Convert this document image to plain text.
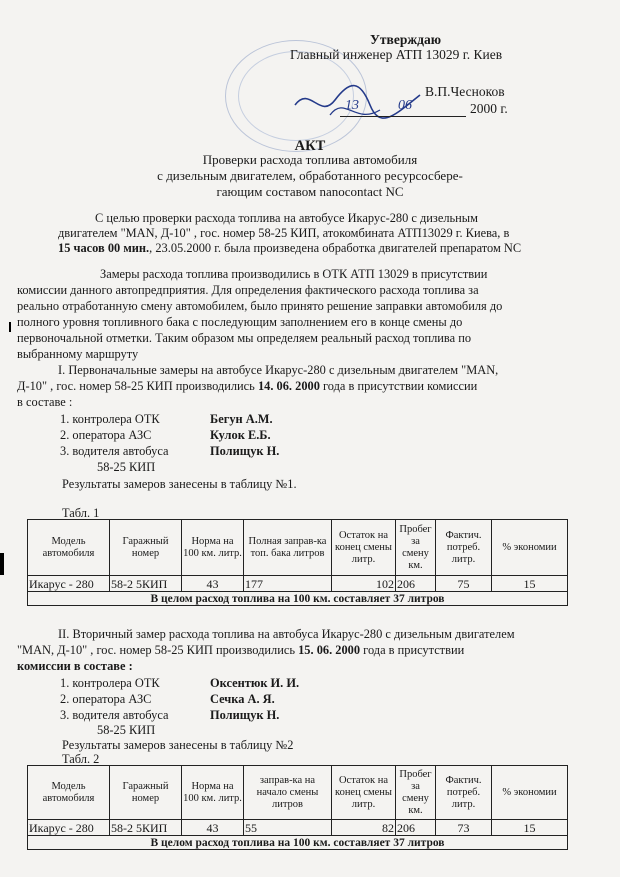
Утверждаю
Главный инженер АТП 13029 г. Киев
В.П.Чесноков
13	06	2000 г.
АКТ
Проверки расхода топлива автомобиля
с дизельным двигателем, обработанного ресурсосбере-
гающим составом nanocontact NC
С целью проверки расхода топлива на автобусе Икарус-280 с дизельным
двигателем "MAN, Д-10" , гос. номер 58-25 КИП, атокомбината АТП13029 г. Киева, в
15 часов 00 мин., 23.05.2000 г. была произведена обработка двигателей препаратом NC
Замеры расхода топлива производились в ОТК АТП 13029 в присутствии
комиссии данного автопредприятия. Для определения фактического расхода топлива за
реально отработанную смену автомобилем, было принято решение заправки автомобиля до
полного уровня топливного бака с последующим заполнением его в конце смены до
первоночальной отметки. Таким образом мы определяем реальный расход топлива по
выбранному маршруту
I. Первоначальные замеры на автобусе Икарус-280 с дизельным двигателем "MAN,
Д-10" , гос. номер 58-25 КИП производились 14. 06. 2000 года в присутствии комиссии
в составе :
1. контролера ОТК	Бегун А.М.
2. оператора АЗС	Кулок Е.Б.
3. водителя автобуса	Полищук Н.
58-25 КИП
Результаты замеров занесены в таблицу №1.
Табл. 1
Модель автомобиля	Гаражный номер	Норма на 100 км. литр.	Полная заправ-ка топ. бака литров	Остаток на конец смены литр.	Пробег за смену км.	Фактич. потреб. литр.	% экономии
Икарус - 280	58-2 5КИП	43	177	102	206	75	15
В целом расход топлива на 100 км. составляет 37 литров							
II. Вторичный замер расхода топлива на автобуса Икарус-280 с дизельным двигателем
"MAN, Д-10" , гос. номер 58-25 КИП производились 15. 06. 2000 года в присутствии
комиссии в составе :
1. контролера ОТК	Оксентюк И. И.
2. оператора АЗС	Сечка А. Я.
3. водителя автобуса	Полищук Н.
58-25 КИП
Результаты замеров занесены в таблицу №2
Табл. 2
Модель автомобиля	Гаражный номер	Норма на 100 км. литр.	заправ-ка на начало смены литров	Остаток на конец смены литр.	Пробег за смену км.	Фактич. потреб. литр.	% экономии
Икарус - 280	58-2 5КИП	43	55	82	206	73	15
В целом расход топлива на 100 км. составляет 37 литров							
